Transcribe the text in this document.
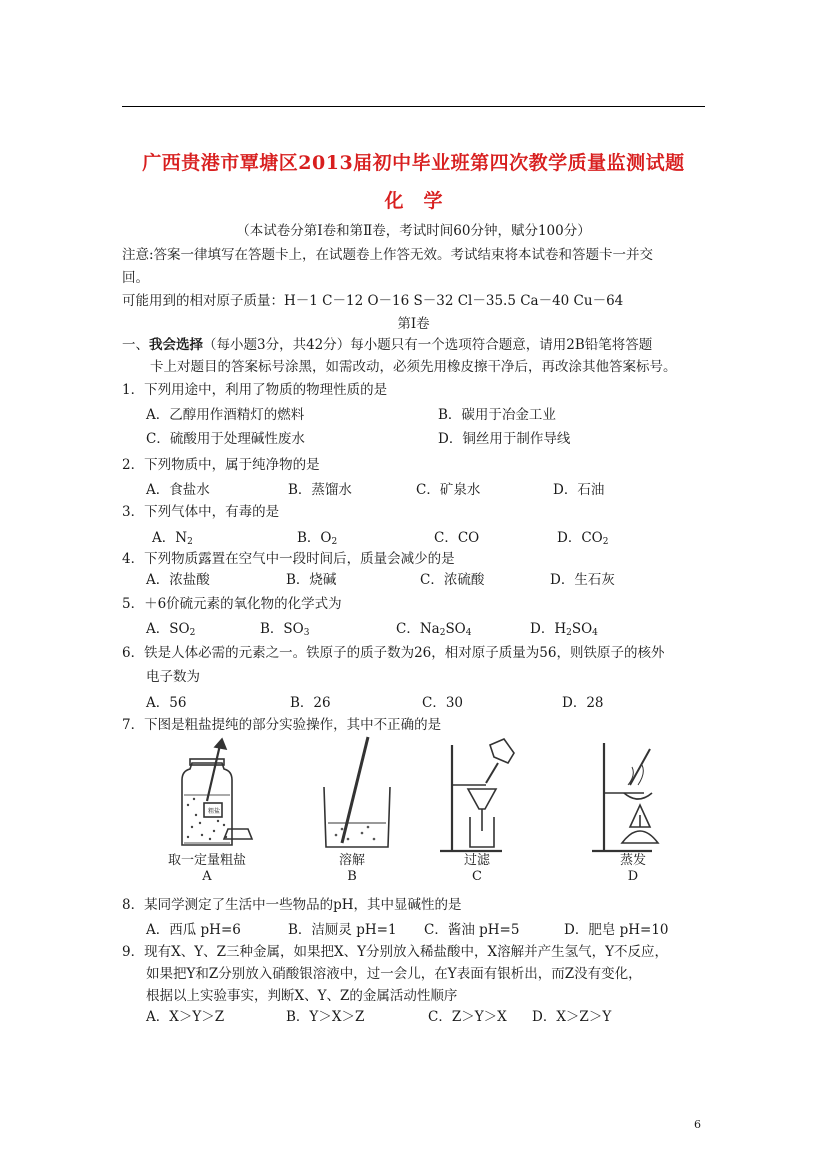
广西贵港市覃塘区2013届初中毕业班第四次教学质量监测试题
化 学
（本试卷分第Ⅰ卷和第Ⅱ卷，考试时间60分钟，赋分100分）
注意:答案一律填写在答题卡上，在试题卷上作答无效。考试结束将本试卷和答题卡一并交
回。
可能用到的相对原子质量：H－1 C－12 O－16 S－32 Cl－35.5 Ca－40 Cu－64
第Ⅰ卷
一、我会选择（每小题3分，共42分）每小题只有一个选项符合题意，请用2B铅笔将答题
卡上对题目的答案标号涂黑，如需改动，必须先用橡皮擦干净后，再改涂其他答案标号。
1．下列用途中，利用了物质的物理性质的是
A．乙醇用作酒精灯的燃料	B．碳用于冶金工业
C．硫酸用于处理碱性废水	D．铜丝用于制作导线
2．下列物质中，属于纯净物的是
A．食盐水	B．蒸馏水	C．矿泉水	D．石油
3．下列气体中，有毒的是
A．$N_2$	B．$O_2$	C．CO	D．$CO_2$
4．下列物质露置在空气中一段时间后，质量会减少的是
A．浓盐酸	B．烧碱	C．浓硫酸	D．生石灰
5．＋6价硫元素的氧化物的化学式为
A．$SO_2$	B．$SO_3$	C．$Na_2SO_4$	D．$H_2SO_4$
6．铁是人体必需的元素之一。铁原子的质子数为26，相对原子质量为56，则铁原子的核外
电子数为
A．56	B．26	C．30	D．28
7．下图是粗盐提纯的部分实验操作，其中不正确的是
取一定量粗盐	溶解	过滤	蒸发
A	B	C	D
粗盐
8．某同学测定了生活中一些物品的pH，其中显碱性的是
A．西瓜 pH=6	B．洁厕灵 pH=1 C．酱油 pH=5	D．肥皂 pH=10
9．现有X、Y、Z三种金属，如果把X、Y分别放入稀盐酸中，X溶解并产生氢气，Y不反应，
如果把Y和Z分别放入硝酸银溶液中，过一会儿，在Y表面有银析出，而Z没有变化，
根据以上实验事实，判断X、Y、Z的金属活动性顺序
A．X＞Y＞Z	B．Y＞X＞Z	C．Z＞Y＞X D．X＞Z＞Y
6
